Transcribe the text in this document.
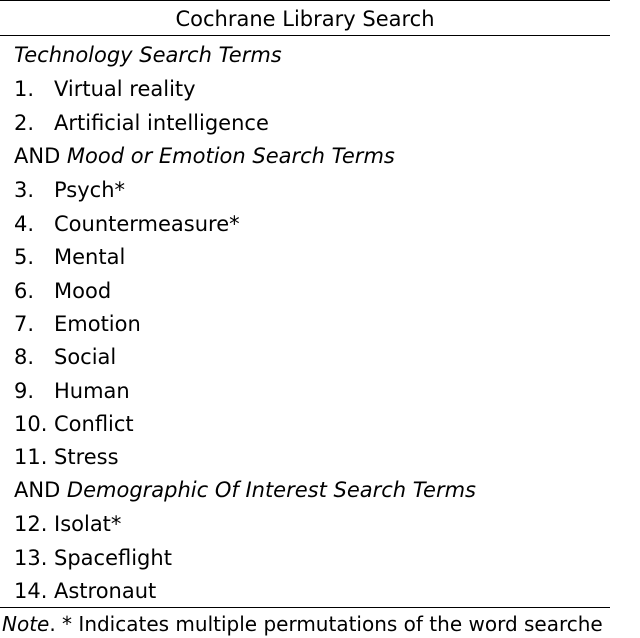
Cochrane Library Search
Technology Search Terms
1. Virtual reality
2. Artificial intelligence
AND Mood or Emotion Search Terms
3. Psych*
4. Countermeasure*
5. Mental
6. Mood
7. Emotion
8. Social
9. Human
10. Conflict
11. Stress
AND Demographic Of Interest Search Terms
12. Isolat*
13. Spaceflight
14. Astronaut
Note. * Indicates multiple permutations of the word searche
